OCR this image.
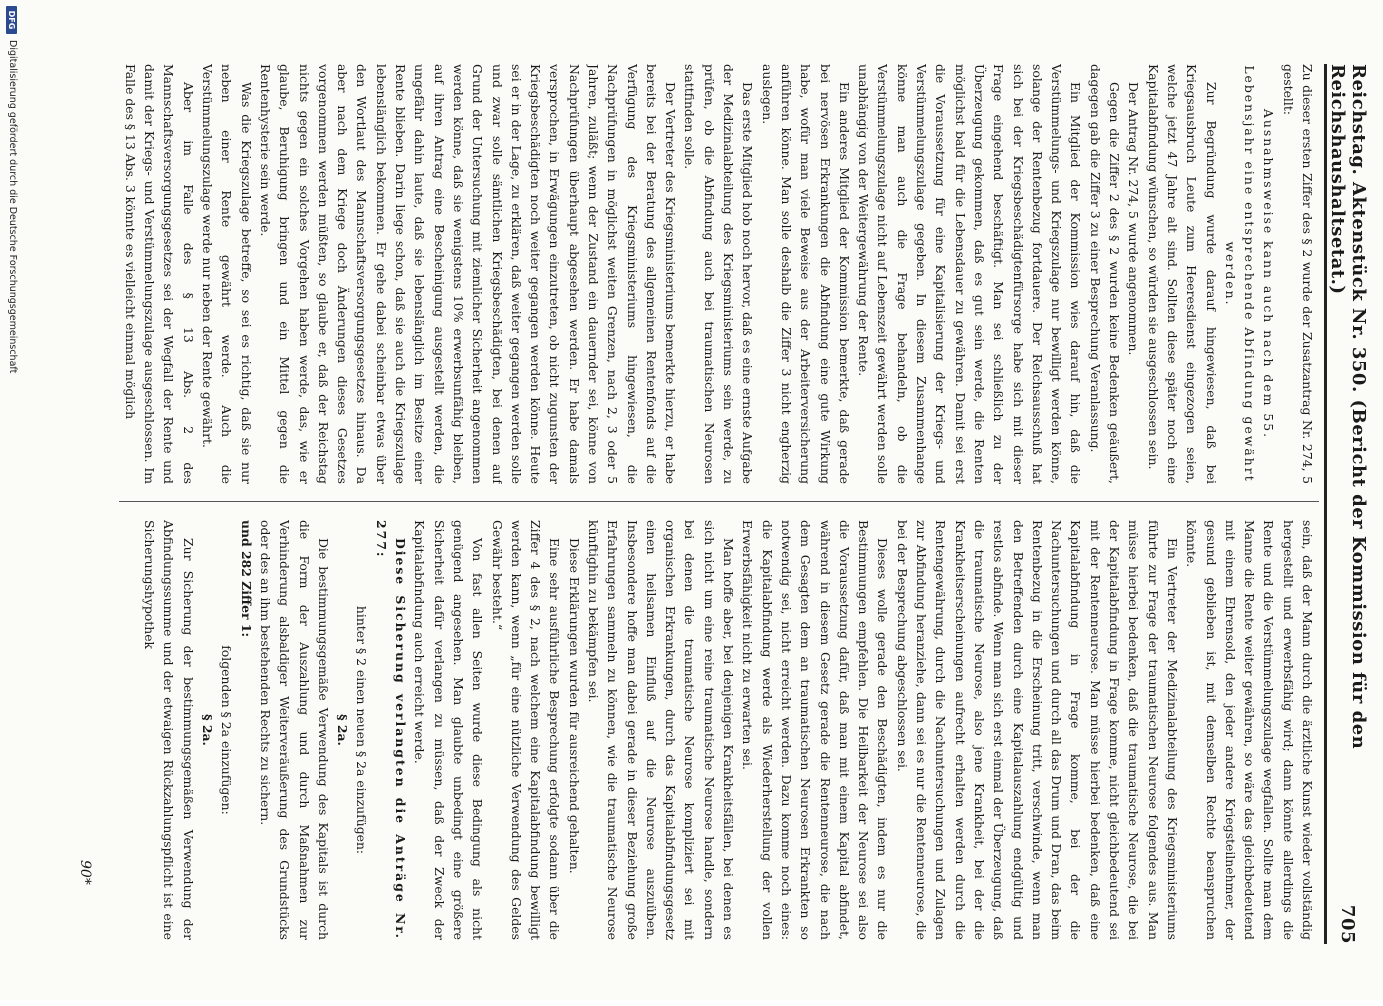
Reichstag. Aktenstück Nr. 350. (Bericht der Kommission für den Reichshaushaltsetat.)
705

Zu dieser ersten Ziffer des § 2 wurde der Zusatzantrag Nr. 274, 5 gestellt:

Ausnahmsweise kann auch nach dem 55. Lebensjahr eine entsprechende Abfindung gewährt werden.

Zur Begründung wurde darauf hingewiesen, daß bei Kriegsausbruch Leute zum Heeresdienst eingezogen seien, welche jetzt 47 Jahre alt sind. Sollten diese später noch eine Kapitalabfindung wünschen, so würden sie ausgeschlossen sein.

Der Antrag Nr. 274, 5 wurde angenommen.

Gegen die Ziffer 2 des § 2 wurden keine Bedenken geäußert, dagegen gab die Ziffer 3 zu einer Besprechung Veranlassung.

Ein Mitglied der Kommission wies darauf hin, daß die Verstümmelungs- und Kriegszulage nur bewilligt werden könne, solange der Rentenbezug fortdauere. Der Reichsausschuß hat sich bei der Kriegsbeschädigtenfürsorge habe sich mit dieser Frage eingehend beschäftigt. Man sei schließlich zu der Überzeugung gekommen, daß es gut sein werde, die Renten möglichst bald für die Lebensdauer zu gewähren. Damit sei erst die Voraussetzung für eine Kapitalisierung der Kriegs- und Verstümmelungszulage gegeben. In diesem Zusammenhange könne man auch die Frage behandeln, ob die Verstümmelungszulage nicht auf Lebenszeit gewährt werden solle unabhängig von der Weitergewährung der Rente.

Ein anderes Mitglied der Kommission bemerkte, daß gerade bei nervösen Erkrankungen die Abfindung eine gute Wirkung habe, wofür man viele Beweise aus der Arbeiterversicherung anführen könne. Man solle deshalb die Ziffer 3 nicht engherzig auslegen.

Das erste Mitglied hob noch hervor, daß es eine ernste Aufgabe der Medizinalabteilung des Kriegsministeriums sein werde, zu prüfen, ob die Abfindung auch bei traumatischen Neurosen stattfinden solle.

Der Vertreter des Kriegsministeriums bemerkte hierzu, er habe bereits bei der Beratung des allgemeinen Rentenfonds auf die Verfügung des Kriegsministeriums hingewiesen, die Nachprüfungen in möglichst weiten Grenzen, nach 2, 3 oder 5 Jahren, zuläßt; wenn der Zustand ein dauernder sei, könne von Nachprüfungen überhaupt abgesehen werden. Er habe damals versprochen, in Erwägungen einzutreten, ob nicht zugunsten der Kriegsbeschädigten noch weiter gegangen werden könne. Heute sei er in der Lage, zu erklären, daß weiter gegangen werden solle und zwar solle sämtlichen Kriegsbeschädigten, bei denen auf Grund der Untersuchung mit ziemlicher Sicherheit angenommen werden könne, daß sie wenigstens 10% erwerbsunfähig bleiben, auf ihren Antrag eine Bescheinigung ausgestellt werden, die ungefähr dahin laute, daß sie lebenslänglich im Besitze einer Rente blieben. Darin liege schon, daß sie auch die Kriegszulage lebenslänglich bekommen. Er gehe dabei scheinbar etwas über den Wortlaut des Mannschaftsversorgungsgesetzes hinaus. Da aber nach dem Kriege doch Änderungen dieses Gesetzes vorgenommen werden müßten, so glaube er, daß der Reichstag nichts gegen ein solches Vorgehen haben werde, das, wie er glaube, Beruhigung bringen und ein Mittel gegen die Rentenhysterie sein werde.

Was die Kriegszulage betreffe, so sei es richtig, daß sie nur neben einer Rente gewährt werde. Auch die Verstümmelungszulage werde nur neben der Rente gewährt.

Aber im Falle des § 13 Abs. 2 des Mannschaftsversorgungsgesetzes sei der Wegfall der Rente und damit der Kriegs- und Verstümmelungszulage ausgeschlossen. Im Falle des § 13 Abs. 3 könnte es vielleicht einmal möglich

sein, daß der Mann durch die ärztliche Kunst wieder vollständig hergestellt und erwerbsfähig wird; dann könnte allerdings die Rente und die Verstümmelungszulage wegfallen. Sollte man dem Manne die Rente weiter gewähren, so wäre das gleichbedeutend mit einem Ehrensold, den jeder andere Kriegsteilnehmer, der gesund geblieben ist, mit demselben Rechte beanspruchen könnte.

Ein Vertreter der Medizinalabteilung des Kriegsministeriums führte zur Frage der traumatischen Neurose folgendes aus. Man müsse hierbei bedenken, daß die traumatische Neurose, die bei der Kapitalabfindung in Frage komme, nicht gleichbedeutend sei mit der Rentenneurose. Man müsse hierbei bedenken, daß eine Kapitalabfindung in Frage komme, bei der die Nachuntersuchungen und durch all das Drum und Dran, das beim Rentenbezug in die Erscheinung tritt, verschwinde, wenn man den Betreffenden durch eine Kapitalauszahlung endgültig und restlos abfinde. Wenn man sich erst einmal der Überzeugung, daß die traumatische Neurose, also jene Krankheit, bei der die Krankheitserscheinungen aufrecht erhalten werden durch die Rentengewährung, durch die Nachuntersuchungen und Zulagen zur Abfindung heranziehe, dann sei es nur die Rentenneurose, die bei der Besprechung abgeschlossen sei.

Dieses wolle gerade den Beschädigten, indem es nur die Bestimmungen empfehlen. Die Heilbarkeit der Neurose sei also die Voraussetzung dafür, daß man mit einem Kapital abfindet, während in diesem Gesetz gerade die Rentenneurose, die nach dem Gesagten dem an traumatischen Neurosen Erkrankten so notwendig sei, nicht erreicht werden. Dazu komme noch eines: die Kapitalabfindung werde als Wiederherstellung der vollen Erwerbsfähigkeit nicht zu erwarten sei.

Man hoffe aber, bei denjenigen Krankheitsfällen, bei denen es sich nicht um eine reine traumatische Neurose handle, sondern bei denen die traumatische Neurose kompliziert sei mit organischen Erkrankungen, durch das Kapitalabfindungsgesetz einen heilsamen Einfluß auf die Neurose auszuüben. Insbesondere hoffe man dabei gerade in dieser Beziehung große Erfahrungen sammeln zu können, wie die traumatische Neurose künftighin zu bekämpfen sei.

Diese Erklärungen wurden für ausreichend gehalten.

Eine sehr ausführliche Besprechung erfolgte sodann über die Ziffer 4 des § 2, nach welchem eine Kapitalabfindung bewilligt werden kann, wenn „für eine nützliche Verwendung des Geldes Gewähr besteht.“

Von fast allen Seiten wurde diese Bedingung als nicht genügend angesehen. Man glaubte unbedingt eine größere Sicherheit dafür verlangen zu müssen, daß der Zweck der Kapitalabfindung auch erreicht werde.

Diese Sicherung verlangten die Anträge Nr. 277:

hinter § 2 einen neuen § 2a einzufügen:

§ 2a.

Die bestimmungsgemäße Verwendung des Kapitals ist durch die Form der Auszahlung und durch Maßnahmen zur Verhinderung alsbaldiger Weiterveräußerung des Grundstücks oder des an ihm bestehenden Rechts zu sichern.

und 282 Ziffer 1:

folgenden § 2a einzufügen:

§ 2a.

Zur Sicherung der bestimmungsgemäßen Verwendung der Abfindungssumme und der etwaigen Rückzahlungspflicht ist eine Sicherungshypothek

90*
DFG
Digitalisierung gefördert durch die Deutsche Forschungsgemeinschaft
